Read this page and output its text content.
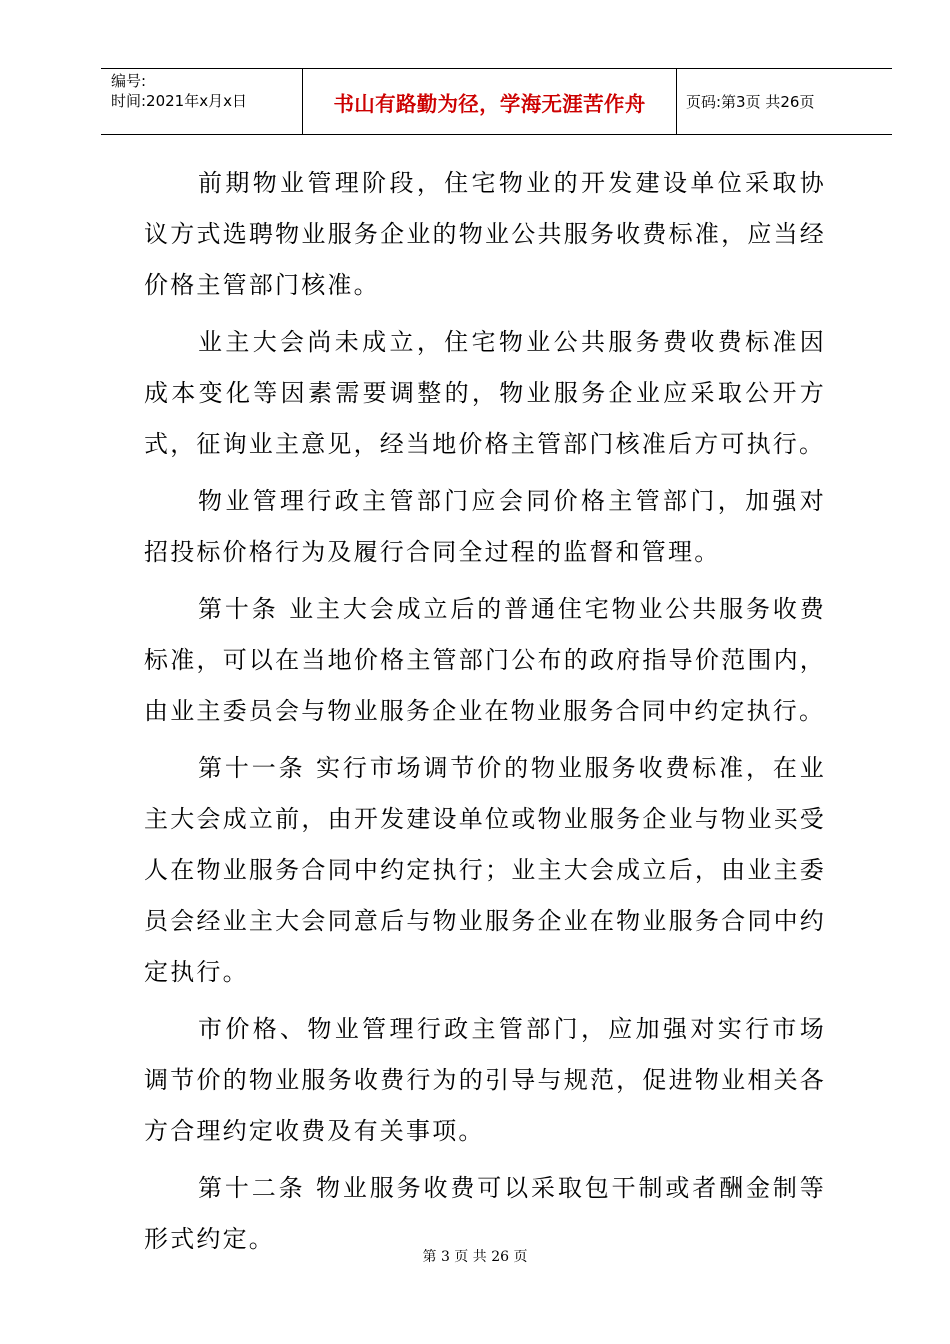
编号:
时间:2021年x月x日	书山有路勤为径，学海无涯苦作舟	页码:第3页 共26页

前期物业管理阶段，住宅物业的开发建设单位采取协议方式选聘物业服务企业的物业公共服务收费标准，应当经价格主管部门核准。

业主大会尚未成立，住宅物业公共服务费收费标准因成本变化等因素需要调整的，物业服务企业应采取公开方式，征询业主意见，经当地价格主管部门核准后方可执行。

物业管理行政主管部门应会同价格主管部门，加强对招投标价格行为及履行合同全过程的监督和管理。

第十条 业主大会成立后的普通住宅物业公共服务收费标准，可以在当地价格主管部门公布的政府指导价范围内，由业主委员会与物业服务企业在物业服务合同中约定执行。

第十一条 实行市场调节价的物业服务收费标准，在业主大会成立前，由开发建设单位或物业服务企业与物业买受人在物业服务合同中约定执行；业主大会成立后，由业主委员会经业主大会同意后与物业服务企业在物业服务合同中约定执行。

市价格、物业管理行政主管部门，应加强对实行市场调节价的物业服务收费行为的引导与规范，促进物业相关各方合理约定收费及有关事项。

第十二条 物业服务收费可以采取包干制或者酬金制等形式约定。

第 3 页 共 26 页
